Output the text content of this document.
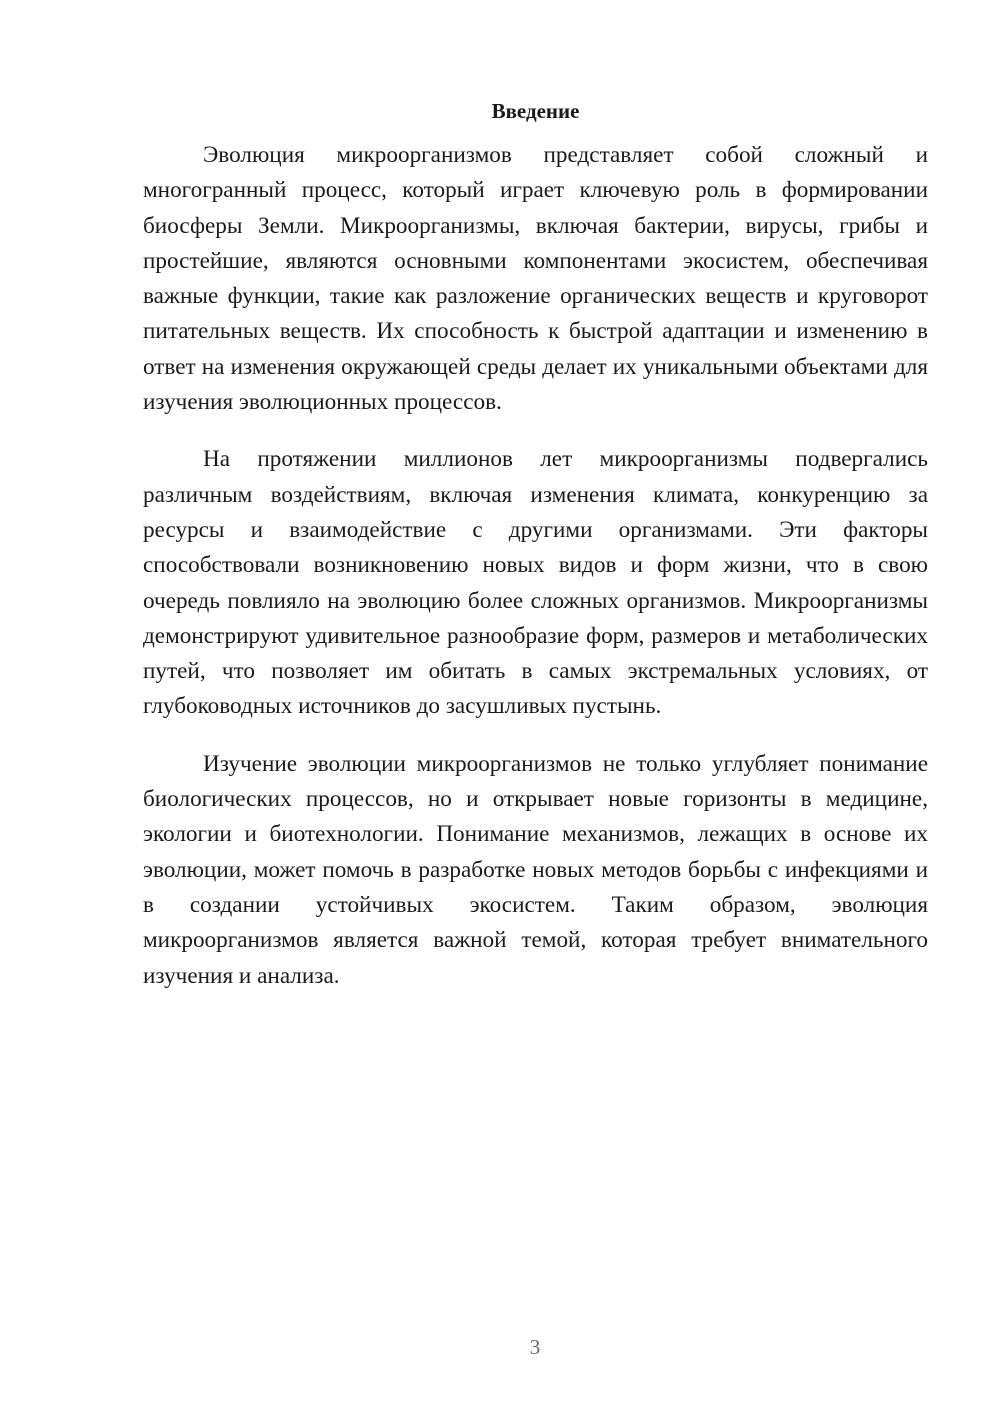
Введение

Эволюция микроорганизмов представляет собой сложный и многогранный процесс, который играет ключевую роль в формировании биосферы Земли. Микроорганизмы, включая бактерии, вирусы, грибы и простейшие, являются основными компонентами экосистем, обеспечивая важные функции, такие как разложение органических веществ и круговорот питательных веществ. Их способность к быстрой адаптации и изменению в ответ на изменения окружающей среды делает их уникальными объектами для изучения эволюционных процессов.

На протяжении миллионов лет микроорганизмы подвергались различным воздействиям, включая изменения климата, конкуренцию за ресурсы и взаимодействие с другими организмами. Эти факторы способствовали возникновению новых видов и форм жизни, что в свою очередь повлияло на эволюцию более сложных организмов. Микроорганизмы демонстрируют удивительное разнообразие форм, размеров и метаболических путей, что позволяет им обитать в самых экстремальных условиях, от глубоководных источников до засушливых пустынь.

Изучение эволюции микроорганизмов не только углубляет понимание биологических процессов, но и открывает новые горизонты в медицине, экологии и биотехнологии. Понимание механизмов, лежащих в основе их эволюции, может помочь в разработке новых методов борьбы с инфекциями и в создании устойчивых экосистем. Таким образом, эволюция микроорганизмов является важной темой, которая требует внимательного изучения и анализа.

3
